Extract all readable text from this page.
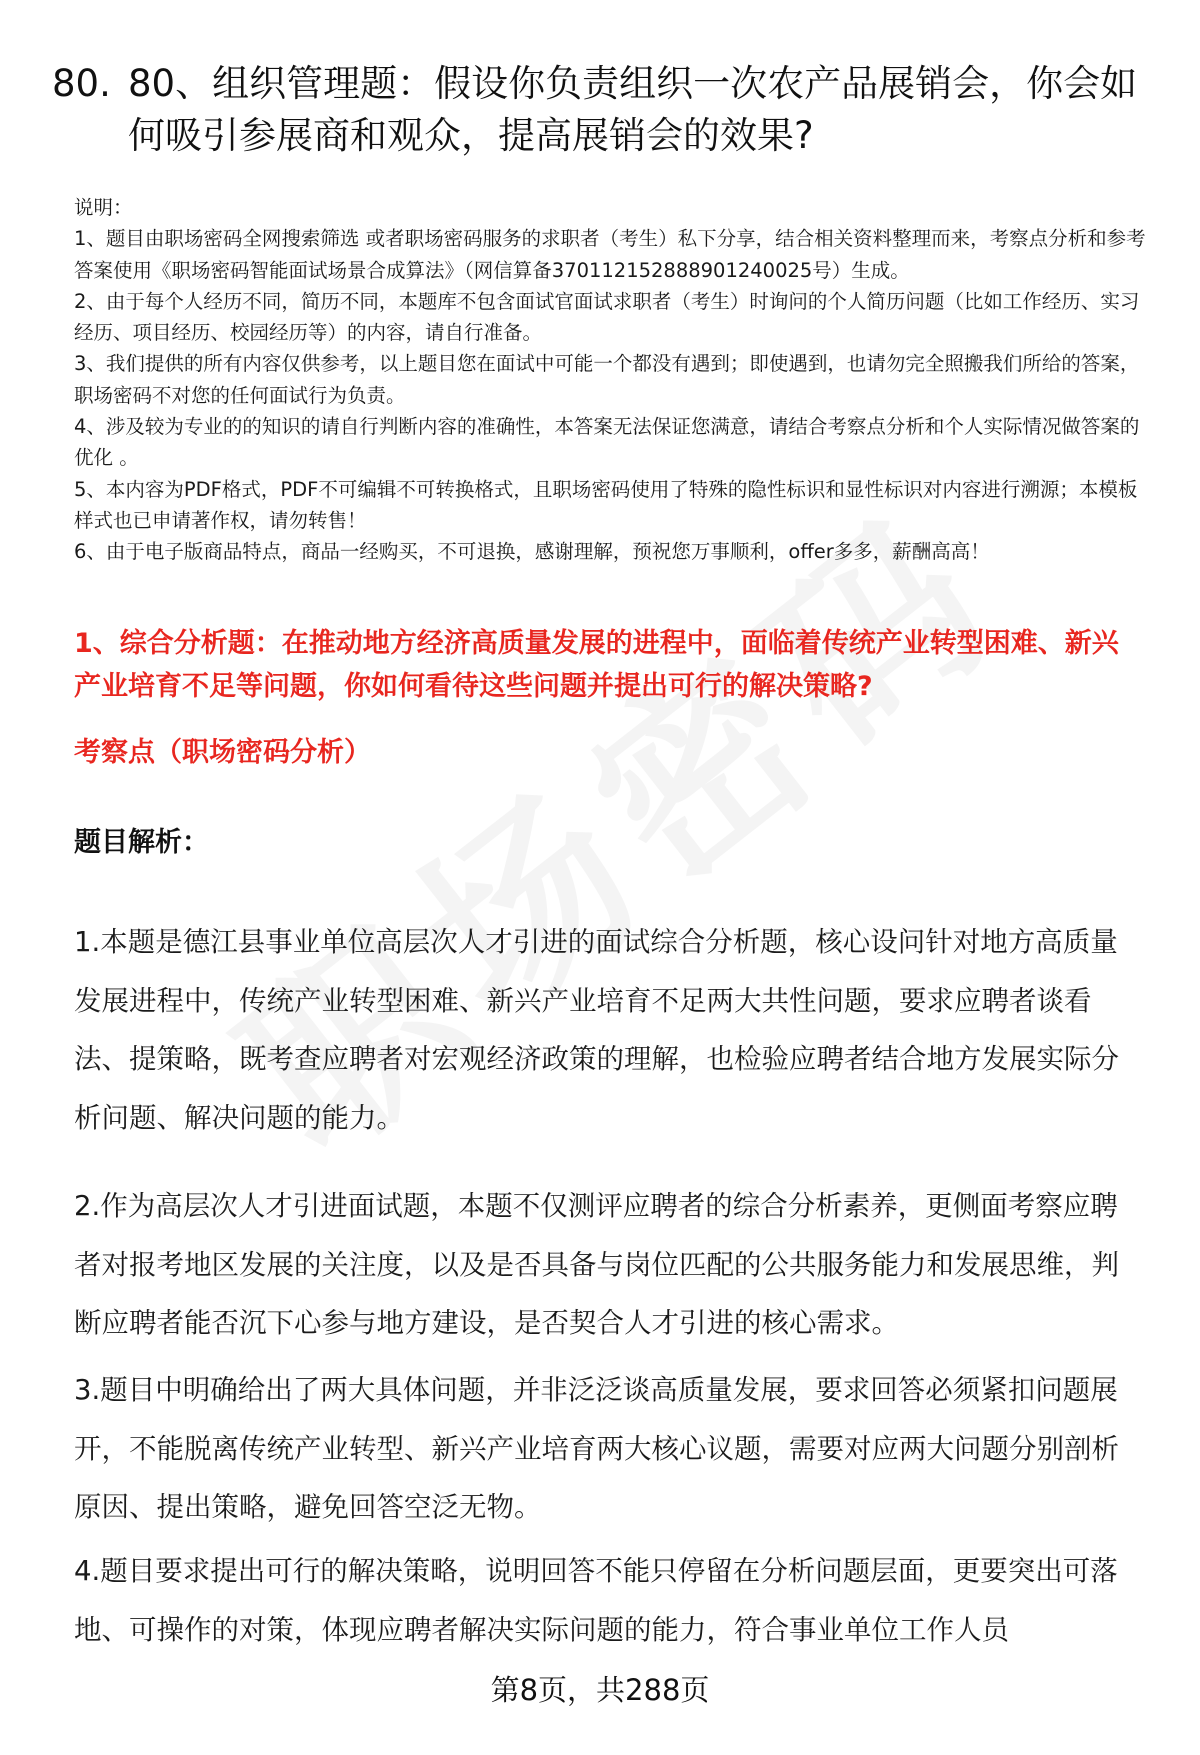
80. 80、组织管理题：假设你负责组织一次农产品展销会，你会如何吸引参展商和观众，提高展销会的效果?
说明：
1、题目由职场密码全网搜索筛选 或者职场密码服务的求职者（考生）私下分享，结合相关资料整理而来，考察点分析和参考答案使用《职场密码智能面试场景合成算法》（网信算备370112152888901240025号）生成。
2、由于每个人经历不同，简历不同，本题库不包含面试官面试求职者（考生）时询问的个人简历问题（比如工作经历、实习经历、项目经历、校园经历等）的内容，请自行准备。
3、我们提供的所有内容仅供参考，以上题目您在面试中可能一个都没有遇到；即使遇到，也请勿完全照搬我们所给的答案，职场密码不对您的任何面试行为负责。
4、涉及较为专业的的知识的请自行判断内容的准确性，本答案无法保证您满意，请结合考察点分析和个人实际情况做答案的优化 。
5、本内容为PDF格式，PDF不可编辑不可转换格式，且职场密码使用了特殊的隐性标识和显性标识对内容进行溯源；本模板样式也已申请著作权，请勿转售！
6、由于电子版商品特点，商品一经购买，不可退换，感谢理解，预祝您万事顺利，offer多多，薪酬高高！
1、综合分析题：在推动地方经济高质量发展的进程中，面临着传统产业转型困难、新兴产业培育不足等问题，你如何看待这些问题并提出可行的解决策略?
考察点（职场密码分析）
题目解析：
1.本题是德江县事业单位高层次人才引进的面试综合分析题，核心设问针对地方高质量发展进程中，传统产业转型困难、新兴产业培育不足两大共性问题，要求应聘者谈看法、提策略，既考查应聘者对宏观经济政策的理解，也检验应聘者结合地方发展实际分析问题、解决问题的能力。
2.作为高层次人才引进面试题，本题不仅测评应聘者的综合分析素养，更侧面考察应聘者对报考地区发展的关注度，以及是否具备与岗位匹配的公共服务能力和发展思维，判断应聘者能否沉下心参与地方建设，是否契合人才引进的核心需求。
3.题目中明确给出了两大具体问题，并非泛泛谈高质量发展，要求回答必须紧扣问题展开，不能脱离传统产业转型、新兴产业培育两大核心议题，需要对应两大问题分别剖析原因、提出策略，避免回答空泛无物。
4.题目要求提出可行的解决策略，说明回答不能只停留在分析问题层面，更要突出可落地、可操作的对策，体现应聘者解决实际问题的能力，符合事业单位工作人员
第8页，共288页
